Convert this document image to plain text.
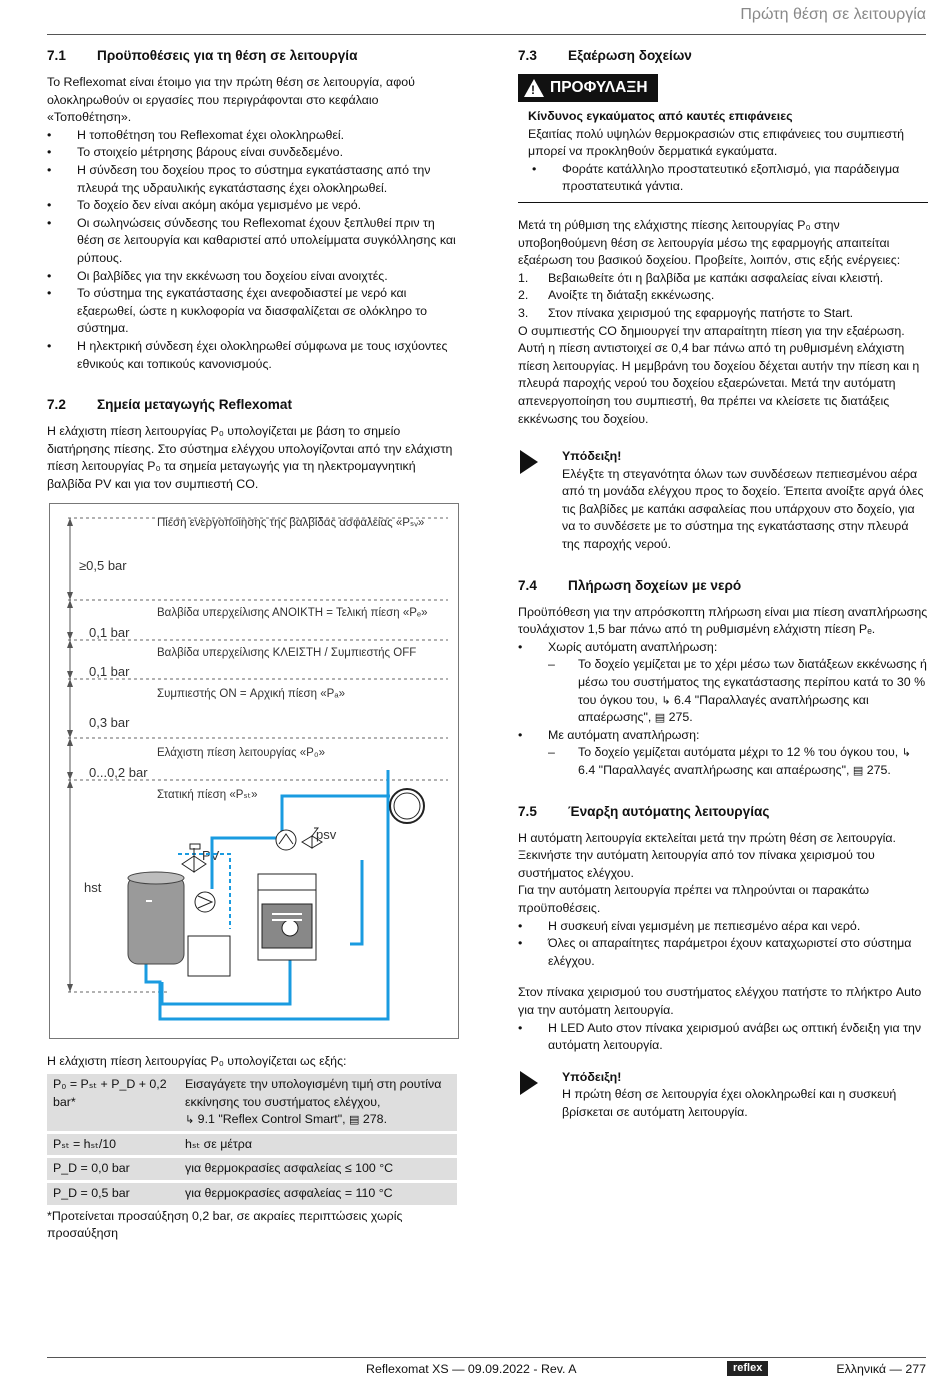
Πρώτη θέση σε λειτουργία
7.1	Προϋποθέσεις για τη θέση σε λειτουργία

Το Reflexomat είναι έτοιμο για την πρώτη θέση σε λειτουργία, αφού ολοκληρωθούν οι εργασίες που περιγράφονται στο κεφάλαιο «Τοποθέτηση».

• Η τοποθέτηση του Reflexomat έχει ολοκληρωθεί.
• Το στοιχείο μέτρησης βάρους είναι συνδεδεμένο.
• Η σύνδεση του δοχείου προς το σύστημα εγκατάστασης από την πλευρά της υδραυλικής εγκατάστασης έχει ολοκληρωθεί.
• Το δοχείο δεν είναι ακόμη ακόμα γεμισμένο με νερό.
• Οι σωληνώσεις σύνδεσης του Reflexomat έχουν ξεπλυθεί πριν τη θέση σε λειτουργία και καθαριστεί από υπολείμματα συγκόλλησης και ρύπους.
• Οι βαλβίδες για την εκκένωση του δοχείου είναι ανοιχτές.
• Το σύστημα της εγκατάστασης έχει ανεφοδιαστεί με νερό και εξαερωθεί, ώστε η κυκλοφορία να διασφαλίζεται σε ολόκληρο το σύστημα.
• Η ηλεκτρική σύνδεση έχει ολοκληρωθεί σύμφωνα με τους ισχύοντες εθνικούς και τοπικούς κανονισμούς.
7.2	Σημεία μεταγωγής Reflexomat

Η ελάχιστη πίεση λειτουργίας P₀ υπολογίζεται με βάση το σημείο διατήρησης πίεσης. Στο σύστημα ελέγχου υπολογίζονται από την ελάχιστη πίεση λειτουργίας P₀ τα σημεία μεταγωγής για τη ηλεκτρομαγνητική βαλβίδα PV και για τον συμπιεστή CO.

Πίεση ενεργοποίησης της βαλβίδας ασφαλείας «Pₛᵥ»
≥0,5 bar
Βαλβίδα υπερχείλισης ΑΝΟΙΚΤΗ = Τελική πίεση «Pₑ»
0,1 bar
Βαλβίδα υπερχείλισης ΚΛΕΙΣΤΗ / Συμπιεστής OFF
0,1 bar
Συμπιεστής ON = Αρχική πίεση «Pₐ»
0,3 bar
Ελάχιστη πίεση λειτουργίας «P₀»
0...0,2 bar
Στατική πίεση «Pₛₜ»
psv
PV
hst

Η ελάχιστη πίεση λειτουργίας P₀ υπολογίζεται ως εξής:

P₀ = Pₛₜ + P_D + 0,2 bar*	Εισαγάγετε την υπολογισμένη τιμή στη ρουτίνα εκκίνησης του συστήματος ελέγχου,
↳ 9.1 "Reflex Control Smart", ▤ 278.
Pₛₜ = hₛₜ/10	hₛₜ σε μέτρα
P_D = 0,0 bar	για θερμοκρασίες ασφαλείας ≤ 100 °C
P_D = 0,5 bar	για θερμοκρασίες ασφαλείας = 110 °C

*Προτείνεται προσαύξηση 0,2 bar, σε ακραίες περιπτώσεις χωρίς προσαύξηση

7.3	Εξαέρωση δοχείων
! ΠΡΟΦΥΛΑΞΗ
Κίνδυνος εγκαύματος από καυτές επιφάνειες

Εξαιτίας πολύ υψηλών θερμοκρασιών στις επιφάνειες του συμπιεστή μπορεί να προκληθούν δερματικά εγκαύματα.

• Φοράτε κατάλληλο προστατευτικό εξοπλισμό, για παράδειγμα προστατευτικά γάντια.

Μετά τη ρύθμιση της ελάχιστης πίεσης λειτουργίας P₀ στην υποβοηθούμενη θέση σε λειτουργία μέσω της εφαρμογής απαιτείται εξαέρωση του βασικού δοχείου. Προβείτε, λοιπόν, στις εξής ενέργειες:

1. Βεβαιωθείτε ότι η βαλβίδα με καπάκι ασφαλείας είναι κλειστή.
2. Ανοίξτε τη διάταξη εκκένωσης.
3. Στον πίνακα χειρισμού της εφαρμογής πατήστε το Start.

Ο συμπιεστής CO δημιουργεί την απαραίτητη πίεση για την εξαέρωση. Αυτή η πίεση αντιστοιχεί σε 0,4 bar πάνω από τη ρυθμισμένη ελάχιστη πίεση λειτουργίας. Η μεμβράνη του δοχείου δέχεται αυτήν την πίεση και η πλευρά παροχής νερού του δοχείου εξαερώνεται. Μετά την αυτόματη απενεργοποίηση του συμπιεστή, θα πρέπει να κλείσετε τις διατάξεις εκκένωσης του δοχείου.

Υπόδειξη!

Ελέγξτε τη στεγανότητα όλων των συνδέσεων πεπιεσμένου αέρα από τη μονάδα ελέγχου προς το δοχείο. Έπειτα ανοίξτε αργά όλες τις βαλβίδες με καπάκι ασφαλείας που υπάρχουν στο δοχείο, για να το συνδέσετε με το σύστημα της εγκατάστασης στην πλευρά της παροχής νερού.

7.4	Πλήρωση δοχείων με νερό

Προϋπόθεση για την απρόσκοπτη πλήρωση είναι μια πίεση αναπλήρωσης τουλάχιστον 1,5 bar πάνω από τη ρυθμισμένη ελάχιστη πίεση Pₑ.

• Χωρίς αυτόματη αναπλήρωση:
– Το δοχείο γεμίζεται με το χέρι μέσω των διατάξεων εκκένωσης ή μέσω του συστήματος της εγκατάστασης περίπου κατά το 30 % του όγκου του, ↳ 6.4 "Παραλλαγές αναπλήρωσης και απαέρωσης", ▤ 275.
• Με αυτόματη αναπλήρωση:
– Το δοχείο γεμίζεται αυτόματα μέχρι το 12 % του όγκου του, ↳ 6.4 "Παραλλαγές αναπλήρωσης και απαέρωσης", ▤ 275.
7.5	Έναρξη αυτόματης λειτουργίας

Η αυτόματη λειτουργία εκτελείται μετά την πρώτη θέση σε λειτουργία. Ξεκινήστε την αυτόματη λειτουργία από τον πίνακα χειρισμού του συστήματος ελέγχου.

Για την αυτόματη λειτουργία πρέπει να πληρούνται οι παρακάτω προϋποθέσεις.

• Η συσκευή είναι γεμισμένη με πεπιεσμένο αέρα και νερό.
• Όλες οι απαραίτητες παράμετροι έχουν καταχωριστεί στο σύστημα ελέγχου.

Στον πίνακα χειρισμού του συστήματος ελέγχου πατήστε το πλήκτρο Auto για την αυτόματη λειτουργία.

• Η LED Auto στον πίνακα χειρισμού ανάβει ως οπτική ένδειξη για την αυτόματη λειτουργία.
Υπόδειξη!

Η πρώτη θέση σε λειτουργία έχει ολοκληρωθεί και η συσκευή βρίσκεται σε αυτόματη λειτουργία.

Reflexomat XS — 09.09.2022 - Rev. A	reflex	Ελληνικά — 277
